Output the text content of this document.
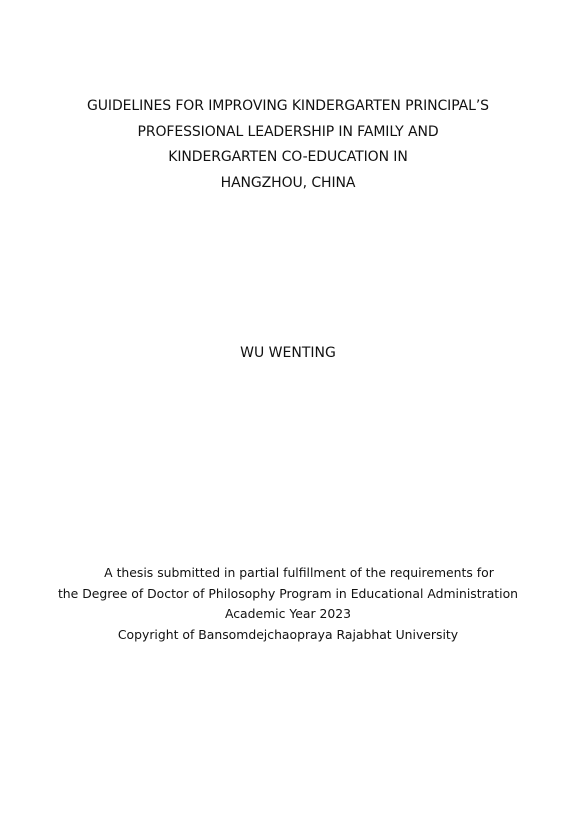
GUIDELINES FOR IMPROVING KINDERGARTEN PRINCIPAL’S
PROFESSIONAL LEADERSHIP IN FAMILY AND
KINDERGARTEN CO-EDUCATION IN
HANGZHOU, CHINA
WU WENTING
A thesis submitted in partial fulfillment of the requirements for
the Degree of Doctor of Philosophy Program in Educational Administration
Academic Year 2023
Copyright of Bansomdejchaopraya Rajabhat University
